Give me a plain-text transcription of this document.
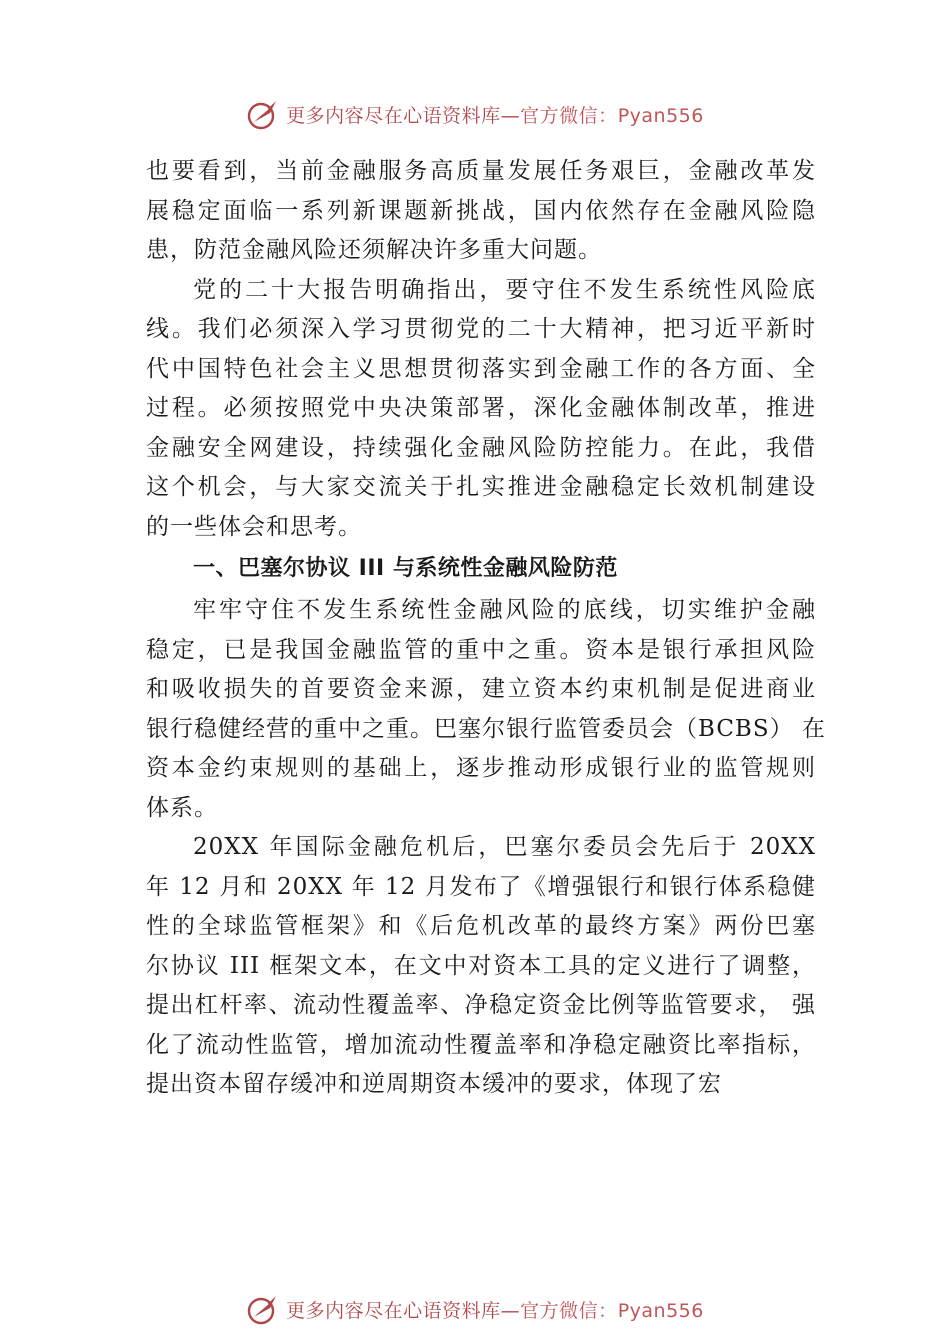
更多内容尽在心语资料库—官方微信：Pyan556
也要看到，当前金融服务高质量发展任务艰巨，金融改革发
展稳定面临一系列新课题新挑战，国内依然存在金融风险隐
患，防范金融风险还须解决许多重大问题。
党的二十大报告明确指出，要守住不发生系统性风险底
线。我们必须深入学习贯彻党的二十大精神，把习近平新时
代中国特色社会主义思想贯彻落实到金融工作的各方面、全
过程。必须按照党中央决策部署，深化金融体制改革，推进
金融安全网建设，持续强化金融风险防控能力。在此，我借
这个机会，与大家交流关于扎实推进金融稳定长效机制建设
的一些体会和思考。
一、巴塞尔协议 III 与系统性金融风险防范
牢牢守住不发生系统性金融风险的底线，切实维护金融
稳定，已是我国金融监管的重中之重。资本是银行承担风险
和吸收损失的首要资金来源，建立资本约束机制是促进商业
银行稳健经营的重中之重。巴塞尔银行监管委员会（BCBS） 在
资本金约束规则的基础上，逐步推动形成银行业的监管规则
体系。
20XX 年国际金融危机后，巴塞尔委员会先后于 20XX
年 12 月和 20XX 年 12 月发布了《增强银行和银行体系稳健
性的全球监管框架》和《后危机改革的最终方案》两份巴塞
尔协议 III 框架文本，在文中对资本工具的定义进行了调整，
提出杠杆率、流动性覆盖率、净稳定资金比例等监管要求， 强
化了流动性监管，增加流动性覆盖率和净稳定融资比率指标，
提出资本留存缓冲和逆周期资本缓冲的要求，体现了宏
更多内容尽在心语资料库—官方微信：Pyan556
